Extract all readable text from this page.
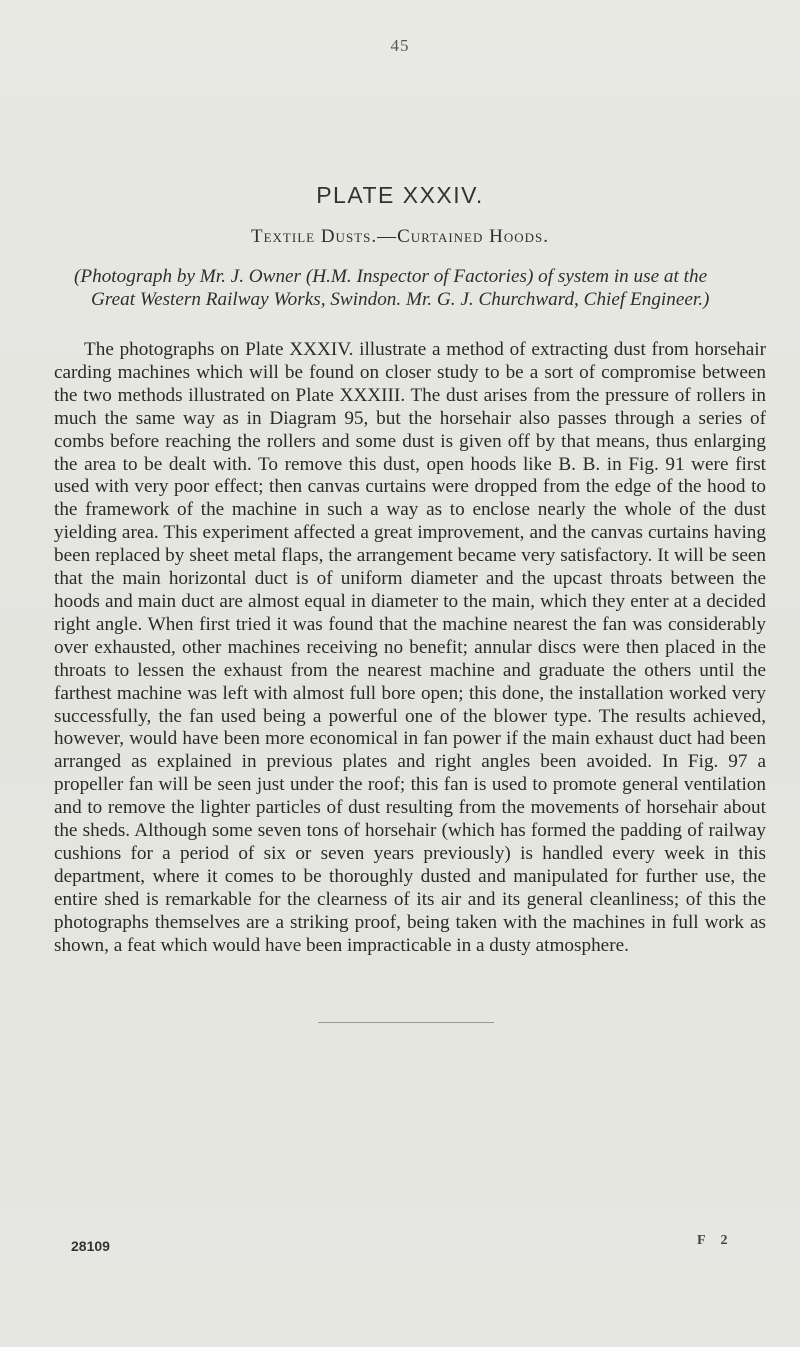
45
PLATE XXXIV.
Textile Dusts.—Curtained Hoods.
(Photograph by Mr. J. Owner (H.M. Inspector of Factories) of system in use at the Great Western Railway Works, Swindon. Mr. G. J. Churchward, Chief Engineer.)

The photographs on Plate XXXIV. illustrate a method of extracting dust from horsehair carding machines which will be found on closer study to be a sort of compromise between the two methods illustrated on Plate XXXIII. The dust arises from the pressure of rollers in much the same way as in Diagram 95, but the horsehair also passes through a series of combs before reaching the rollers and some dust is given off by that means, thus enlarging the area to be dealt with. To remove this dust, open hoods like B. B. in Fig. 91 were first used with very poor effect; then canvas curtains were dropped from the edge of the hood to the framework of the machine in such a way as to enclose nearly the whole of the dust yielding area. This experiment affected a great improvement, and the canvas curtains having been replaced by sheet metal flaps, the arrangement became very satisfactory. It will be seen that the main horizontal duct is of uniform diameter and the upcast throats between the hoods and main duct are almost equal in diameter to the main, which they enter at a decided right angle. When first tried it was found that the machine nearest the fan was considerably over exhausted, other machines receiving no benefit; annular discs were then placed in the throats to lessen the exhaust from the nearest machine and graduate the others until the farthest machine was left with almost full bore open; this done, the installation worked very successfully, the fan used being a powerful one of the blower type. The results achieved, however, would have been more economical in fan power if the main exhaust duct had been arranged as explained in previous plates and right angles been avoided. In Fig. 97 a propeller fan will be seen just under the roof; this fan is used to promote general ventilation and to remove the lighter particles of dust resulting from the movements of horsehair about the sheds. Although some seven tons of horsehair (which has formed the padding of railway cushions for a period of six or seven years previously) is handled every week in this department, where it comes to be thoroughly dusted and manipulated for further use, the entire shed is remarkable for the clearness of its air and its general cleanliness; of this the photographs themselves are a striking proof, being taken with the machines in full work as shown, a feat which would have been impracticable in a dusty atmosphere.

28109	F 2
